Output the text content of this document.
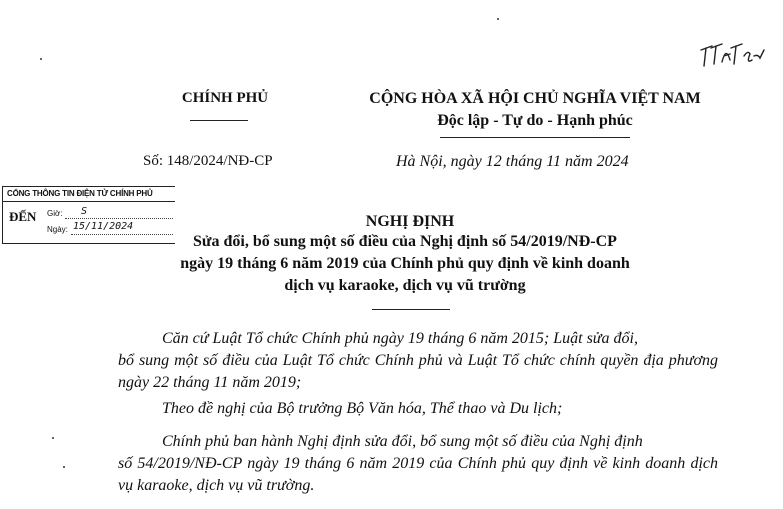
CHÍNH PHỦ	CỘNG HÒA XÃ HỘI CHỦ NGHĨA VIỆT NAM
Độc lập - Tự do - Hạnh phúc
Số: 148/2024/NĐ-CP	Hà Nội, ngày 12 tháng 11 năm 2024
CỔNG THÔNG TIN ĐIỆN TỬ CHÍNH PHỦ
ĐẾN Giờ: S
Ngày: 15/11/2024	NGHỊ ĐỊNH
Sửa đổi, bổ sung một số điều của Nghị định số 54/2019/NĐ-CP
ngày 19 tháng 6 năm 2019 của Chính phủ quy định về kinh doanh
dịch vụ karaoke, dịch vụ vũ trường
Căn cứ Luật Tổ chức Chính phủ ngày 19 tháng 6 năm 2015; Luật sửa đổi,
bổ sung một số điều của Luật Tổ chức Chính phủ và Luật Tổ chức chính quyền địa phương ngày 22 tháng 11 năm 2019;
Theo đề nghị của Bộ trưởng Bộ Văn hóa, Thể thao và Du lịch;
Chính phủ ban hành Nghị định sửa đổi, bổ sung một số điều của Nghị định
số 54/2019/NĐ-CP ngày 19 tháng 6 năm 2019 của Chính phủ quy định về kinh doanh dịch vụ karaoke, dịch vụ vũ trường.
